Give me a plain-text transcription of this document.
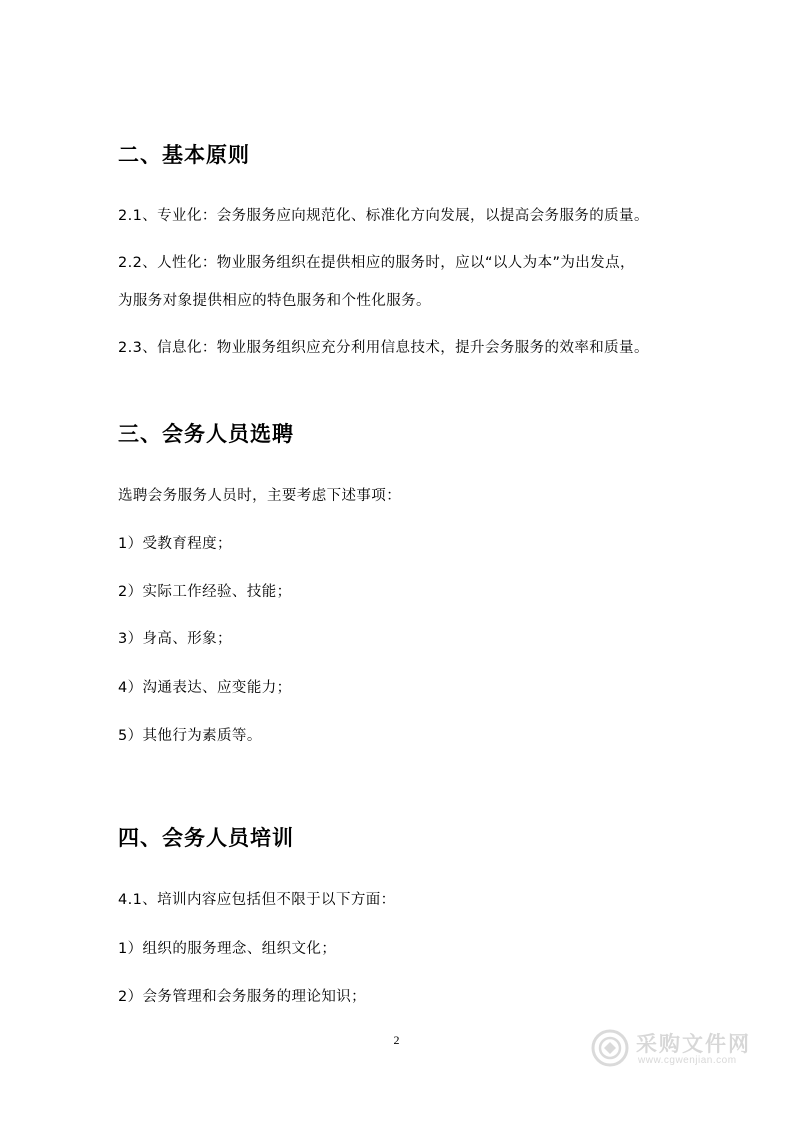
二、基本原则
2.1、专业化：会务服务应向规范化、标准化方向发展，以提高会务服务的质量。
2.2、人性化：物业服务组织在提供相应的服务时，应以“以人为本”为出发点，
为服务对象提供相应的特色服务和个性化服务。
2.3、信息化：物业服务组织应充分利用信息技术，提升会务服务的效率和质量。
三、会务人员选聘
选聘会务服务人员时，主要考虑下述事项：
1）受教育程度；
2）实际工作经验、技能；
3）身高、形象；
4）沟通表达、应变能力；
5）其他行为素质等。
四、会务人员培训
4.1、培训内容应包括但不限于以下方面：
1）组织的服务理念、组织文化；
2）会务管理和会务服务的理论知识；
2	采购文件网
www.cgwenjian.com
